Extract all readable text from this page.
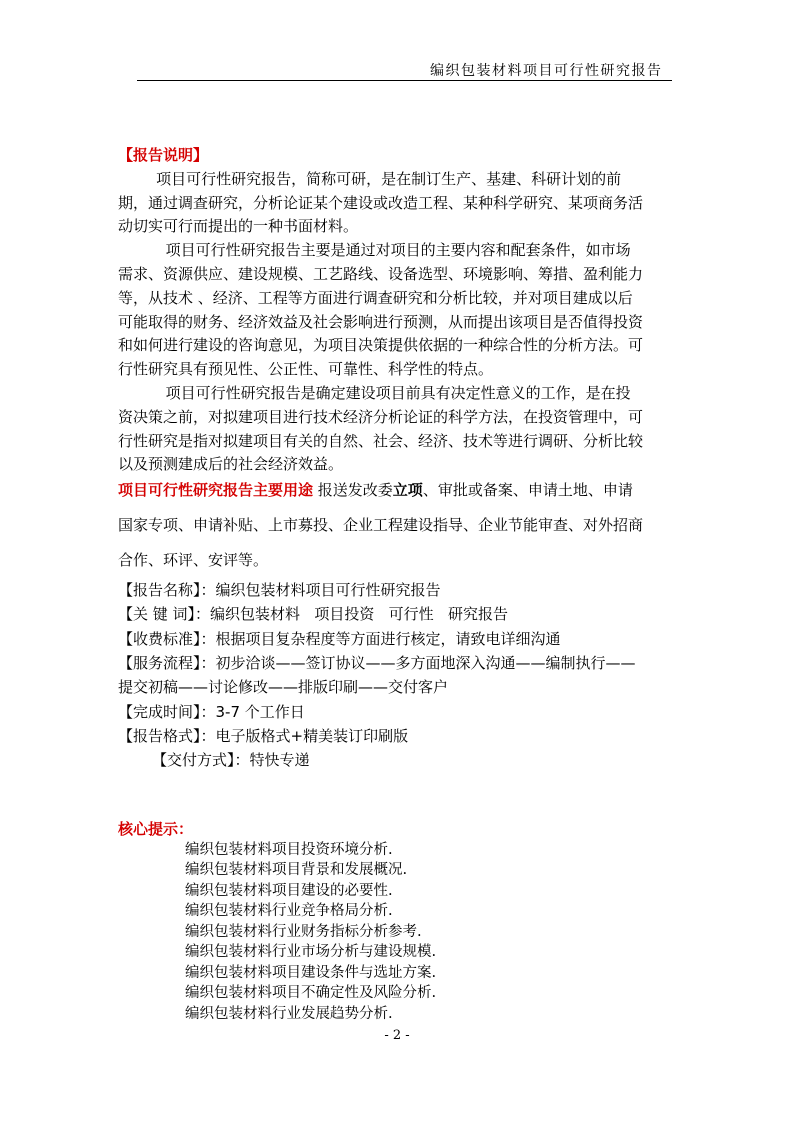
编织包装材料项目可行性研究报告
【报告说明】
项目可行性研究报告，简称可研，是在制订生产、基建、科研计划的前
期，通过调查研究，分析论证某个建设或改造工程、某种科学研究、某项商务活
动切实可行而提出的一种书面材料。
项目可行性研究报告主要是通过对项目的主要内容和配套条件，如市场
需求、资源供应、建设规模、工艺路线、设备选型、环境影响、筹措、盈利能力
等，从技术 、经济、工程等方面进行调查研究和分析比较，并对项目建成以后
可能取得的财务、经济效益及社会影响进行预测，从而提出该项目是否值得投资
和如何进行建设的咨询意见，为项目决策提供依据的一种综合性的分析方法。可
行性研究具有预见性、公正性、可靠性、科学性的特点。
项目可行性研究报告是确定建设项目前具有决定性意义的工作，是在投
资决策之前，对拟建项目进行技术经济分析论证的科学方法，在投资管理中，可
行性研究是指对拟建项目有关的自然、社会、经济、技术等进行调研、分析比较
以及预测建成后的社会经济效益。
项目可行性研究报告主要用途 报送发改委立项、审批或备案、申请土地、申请
国家专项、申请补贴、上市募投、企业工程建设指导、企业节能审查、对外招商
合作、环评、安评等。
【报告名称】：编织包装材料项目可行性研究报告
【关 键 词】：编织包装材料   项目投资   可行性   研究报告
【收费标准】：根据项目复杂程度等方面进行核定，请致电详细沟通
【服务流程】：初步洽谈——签订协议——多方面地深入沟通——编制执行——
提交初稿——讨论修改——排版印刷——交付客户
【完成时间】：3-7 个工作日
【报告格式】：电子版格式+精美装订印刷版
【交付方式】：特快专递
核心提示：
编织包装材料项目投资环境分析.
编织包装材料项目背景和发展概况.
编织包装材料项目建设的必要性.
编织包装材料行业竞争格局分析.
编织包装材料行业财务指标分析参考.
编织包装材料行业市场分析与建设规模.
编织包装材料项目建设条件与选址方案.
编织包装材料项目不确定性及风险分析.
编织包装材料行业发展趋势分析.
- 2 -
